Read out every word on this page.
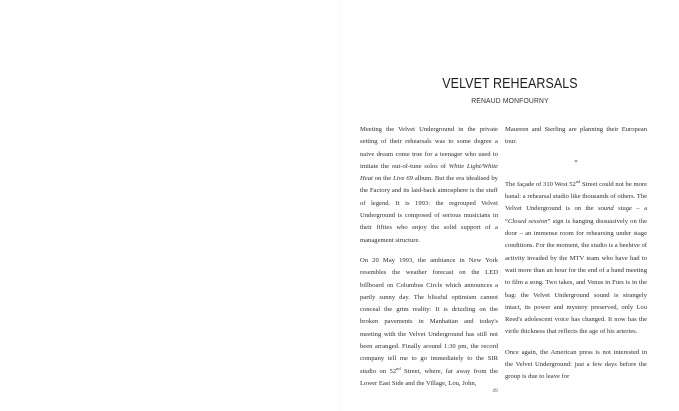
VELVET REHEARSALS
RENAUD MONFOURNY

Meeting the Velvet Underground in the private setting of their rehearsals was to some degree a naive dream come true for a teenager who used to imitate the out-of-tune solos of White Light/White Heat on the Live 69 album. But the era idealised by the Factory and its laid-back atmosphere is the stuff of legend. It is 1993: the regrouped Velvet Underground is composed of serious musicians in their fifties who enjoy the solid support of a management structure.

On 20 May 1993, the ambiance in New York resembles the weather forecast on the LED billboard on Columbus Circle which announces a partly sunny day. The blissful optimism cannot conceal the grim reality: It is drizzling on the broken pavements in Manhattan and today's meeting with the Velvet Underground has still not been arranged. Finally around 1:30 pm, the record company tell me to go immediately to the SIR studio on 52nd Street, where, far away from the Lower East Side and the Village, Lou, John,

Maureen and Sterling are planning their European tour.

*

The façade of 310 West 52nd Street could not be more banal: a rehearsal studio like thousands of others. The Velvet Underground is on the sound stage – a “Closed session” sign is hanging dissuasively on the door – an immense room for rehearsing under stage conditions. For the moment, the studio is a beehive of activity invaded by the MTV team who have had to wait more than an hour for the end of a band meeting to film a song. Two takes, and Venus in Furs is in the bag: the Velvet Underground sound is strangely intact, its power and mystery preserved, only Lou Reed's adolescent voice has changed. It now has the virile thickness that reflects the age of his arteries.

Once again, the American press is not interested in the Velvet Underground: just a few days before the group is due to leave for

49
